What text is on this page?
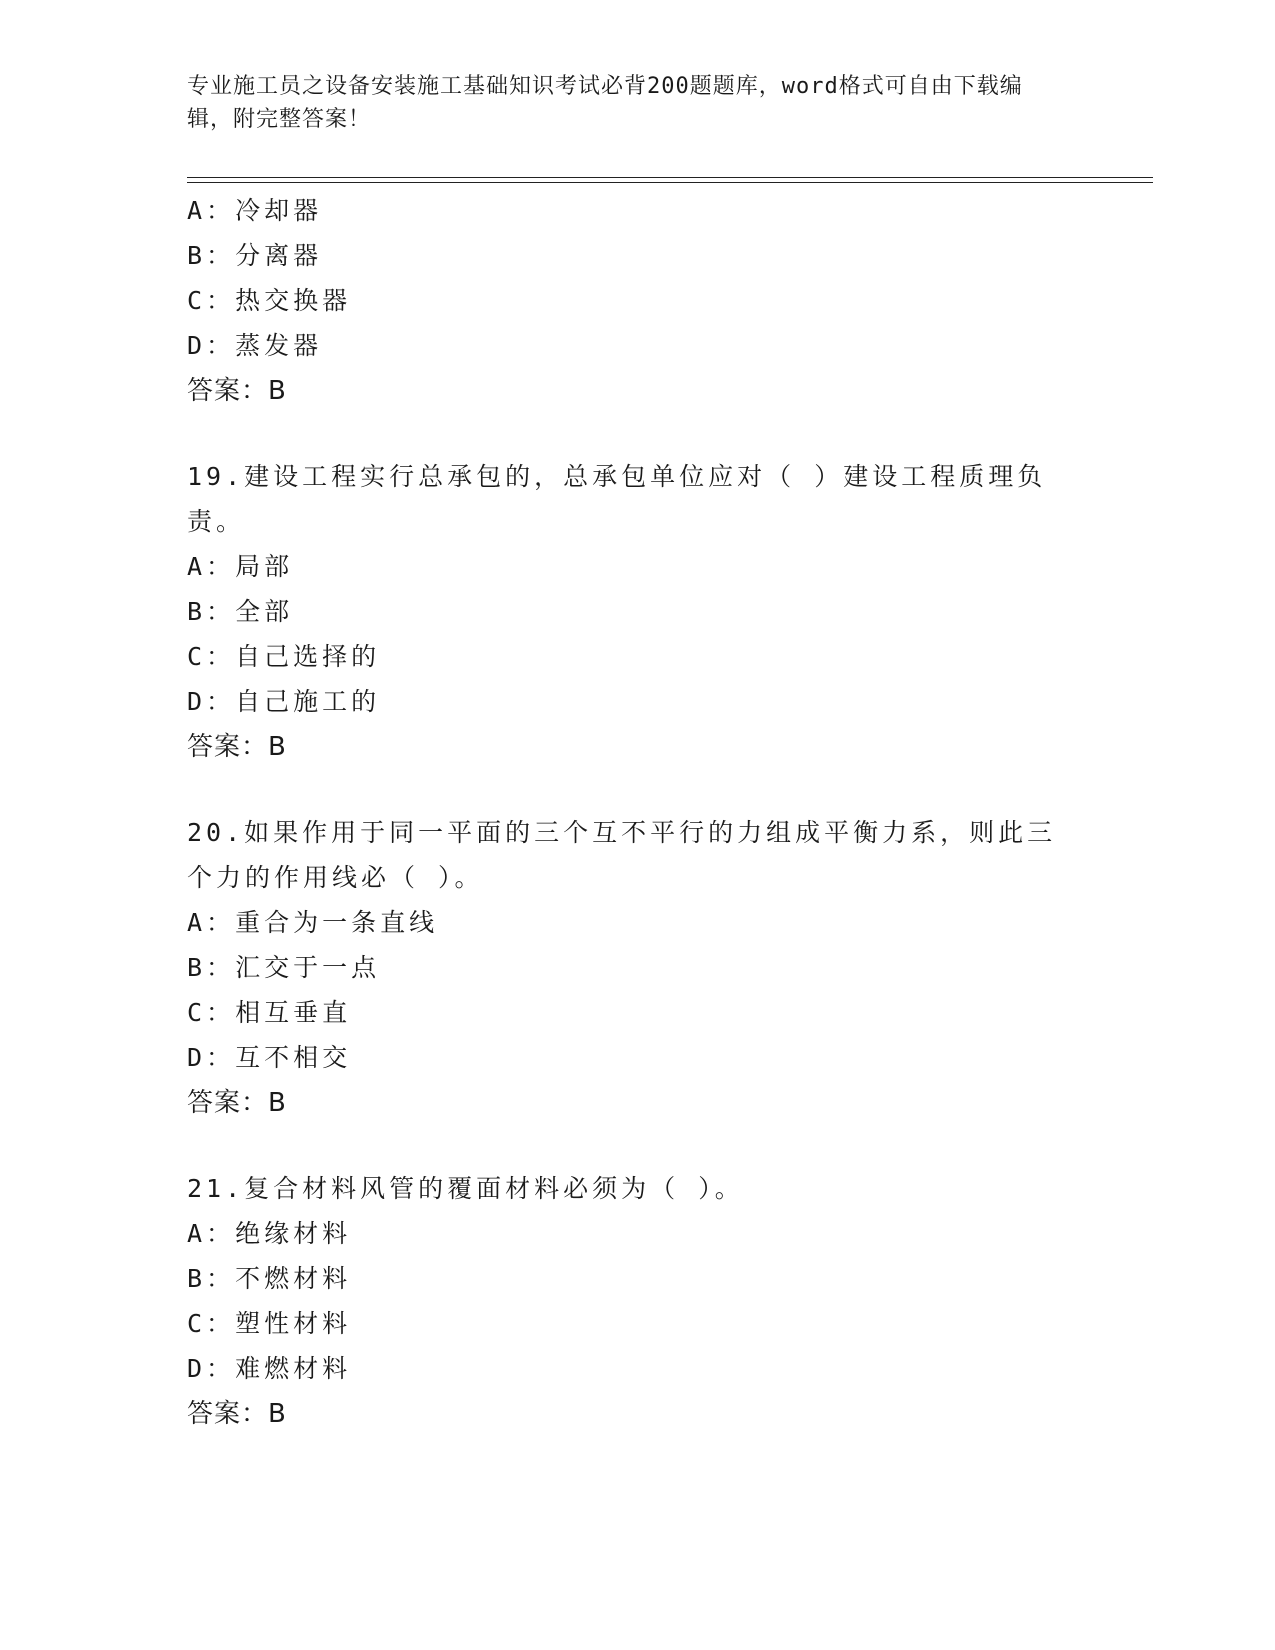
专业施工员之设备安装施工基础知识考试必背200题题库，word格式可自由下载编辑，附完整答案！
A：冷却器
B：分离器
C：热交换器
D：蒸发器
答案：B
19.建设工程实行总承包的，总承包单位应对（ ）建设工程质理负责。
A：局部
B：全部
C：自己选择的
D：自己施工的
答案：B
20.如果作用于同一平面的三个互不平行的力组成平衡力系，则此三个力的作用线必（ ）。
A：重合为一条直线
B：汇交于一点
C：相互垂直
D：互不相交
答案：B
21.复合材料风管的覆面材料必须为（ ）。
A：绝缘材料
B：不燃材料
C：塑性材料
D：难燃材料
答案：B
